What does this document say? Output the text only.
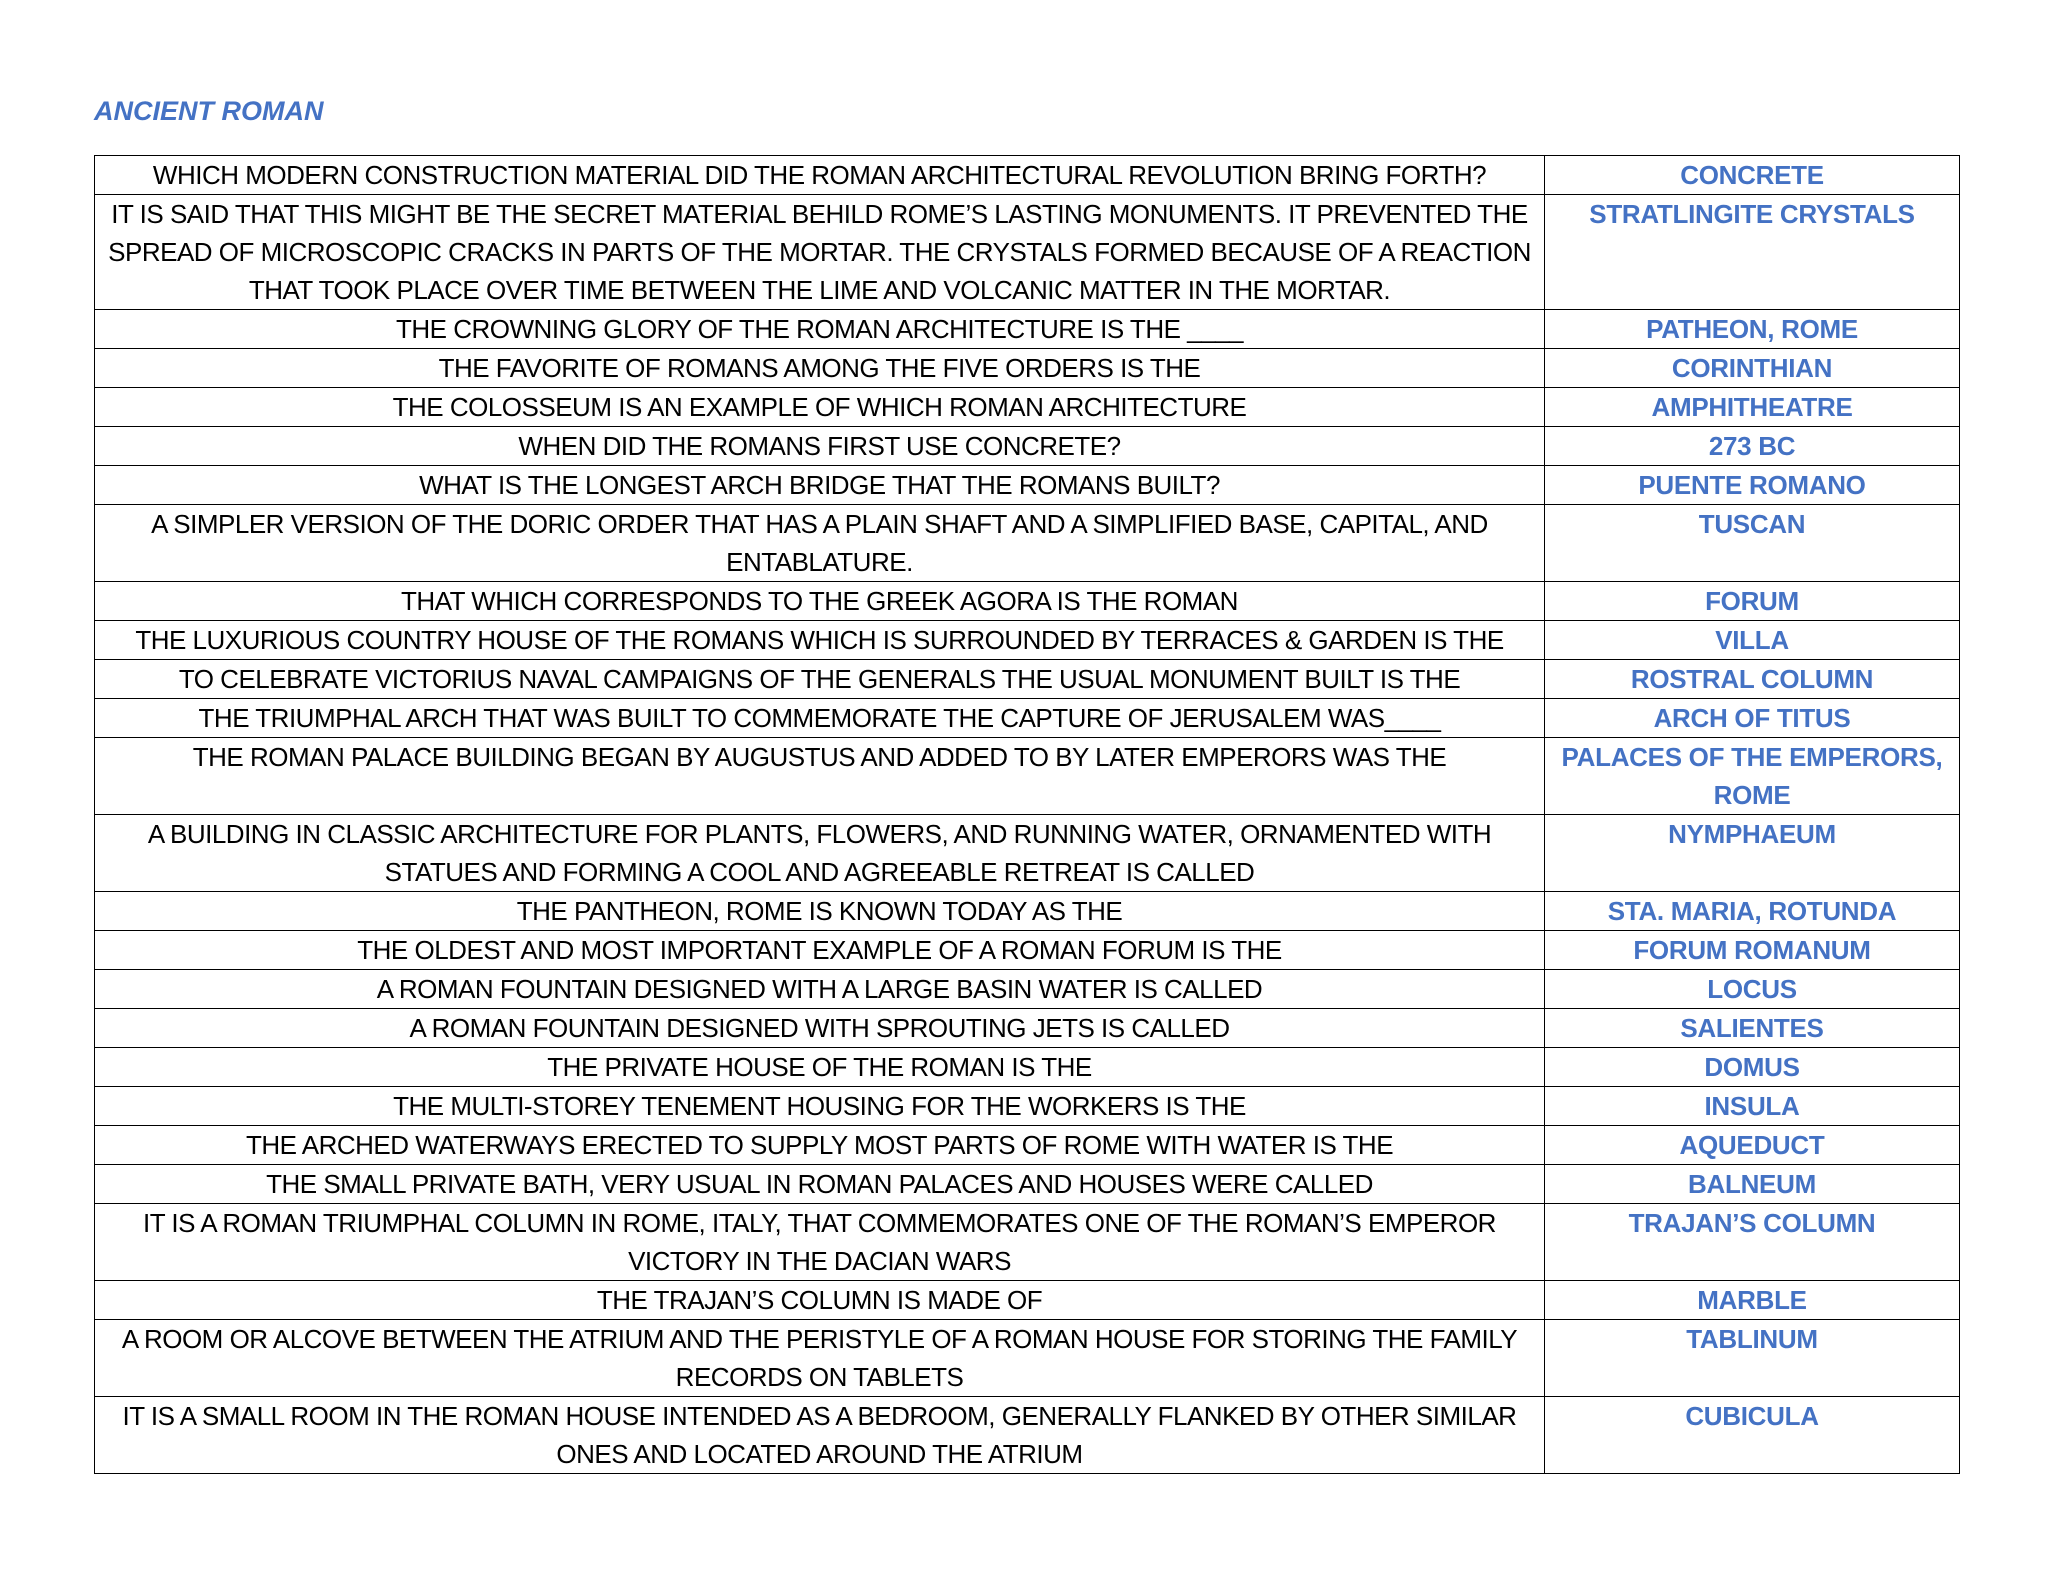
ANCIENT ROMAN
WHICH MODERN CONSTRUCTION MATERIAL DID THE ROMAN ARCHITECTURAL REVOLUTION BRING FORTH?	CONCRETE
IT IS SAID THAT THIS MIGHT BE THE SECRET MATERIAL BEHILD ROME’S LASTING MONUMENTS. IT PREVENTED THE SPREAD OF MICROSCOPIC CRACKS IN PARTS OF THE MORTAR. THE CRYSTALS FORMED BECAUSE OF A REACTION THAT TOOK PLACE OVER TIME BETWEEN THE LIME AND VOLCANIC MATTER IN THE MORTAR.	STRATLINGITE CRYSTALS
THE CROWNING GLORY OF THE ROMAN ARCHITECTURE IS THE ____	PATHEON, ROME
THE FAVORITE OF ROMANS AMONG THE FIVE ORDERS IS THE	CORINTHIAN
THE COLOSSEUM IS AN EXAMPLE OF WHICH ROMAN ARCHITECTURE	AMPHITHEATRE
WHEN DID THE ROMANS FIRST USE CONCRETE?	273 BC
WHAT IS THE LONGEST ARCH BRIDGE THAT THE ROMANS BUILT?	PUENTE ROMANO
A SIMPLER VERSION OF THE DORIC ORDER THAT HAS A PLAIN SHAFT AND A SIMPLIFIED BASE, CAPITAL, AND ENTABLATURE.	TUSCAN
THAT WHICH CORRESPONDS TO THE GREEK AGORA IS THE ROMAN	FORUM
THE LUXURIOUS COUNTRY HOUSE OF THE ROMANS WHICH IS SURROUNDED BY TERRACES & GARDEN IS THE	VILLA
TO CELEBRATE VICTORIUS NAVAL CAMPAIGNS OF THE GENERALS THE USUAL MONUMENT BUILT IS THE	ROSTRAL COLUMN
THE TRIUMPHAL ARCH THAT WAS BUILT TO COMMEMORATE THE CAPTURE OF JERUSALEM WAS____	ARCH OF TITUS
THE ROMAN PALACE BUILDING BEGAN BY AUGUSTUS AND ADDED TO BY LATER EMPERORS WAS THE	PALACES OF THE EMPERORS, ROME
A BUILDING IN CLASSIC ARCHITECTURE FOR PLANTS, FLOWERS, AND RUNNING WATER, ORNAMENTED WITH STATUES AND FORMING A COOL AND AGREEABLE RETREAT IS CALLED	NYMPHAEUM
THE PANTHEON, ROME IS KNOWN TODAY AS THE	STA. MARIA, ROTUNDA
THE OLDEST AND MOST IMPORTANT EXAMPLE OF A ROMAN FORUM IS THE	FORUM ROMANUM
A ROMAN FOUNTAIN DESIGNED WITH A LARGE BASIN WATER IS CALLED	LOCUS
A ROMAN FOUNTAIN DESIGNED WITH SPROUTING JETS IS CALLED	SALIENTES
THE PRIVATE HOUSE OF THE ROMAN IS THE	DOMUS
THE MULTI-STOREY TENEMENT HOUSING FOR THE WORKERS IS THE	INSULA
THE ARCHED WATERWAYS ERECTED TO SUPPLY MOST PARTS OF ROME WITH WATER IS THE	AQUEDUCT
THE SMALL PRIVATE BATH, VERY USUAL IN ROMAN PALACES AND HOUSES WERE CALLED	BALNEUM
IT IS A ROMAN TRIUMPHAL COLUMN IN ROME, ITALY, THAT COMMEMORATES ONE OF THE ROMAN’S EMPEROR VICTORY IN THE DACIAN WARS	TRAJAN’S COLUMN
THE TRAJAN’S COLUMN IS MADE OF	MARBLE
A ROOM OR ALCOVE BETWEEN THE ATRIUM AND THE PERISTYLE OF A ROMAN HOUSE FOR STORING THE FAMILY RECORDS ON TABLETS	TABLINUM
IT IS A SMALL ROOM IN THE ROMAN HOUSE INTENDED AS A BEDROOM, GENERALLY FLANKED BY OTHER SIMILAR ONES AND LOCATED AROUND THE ATRIUM	CUBICULA
